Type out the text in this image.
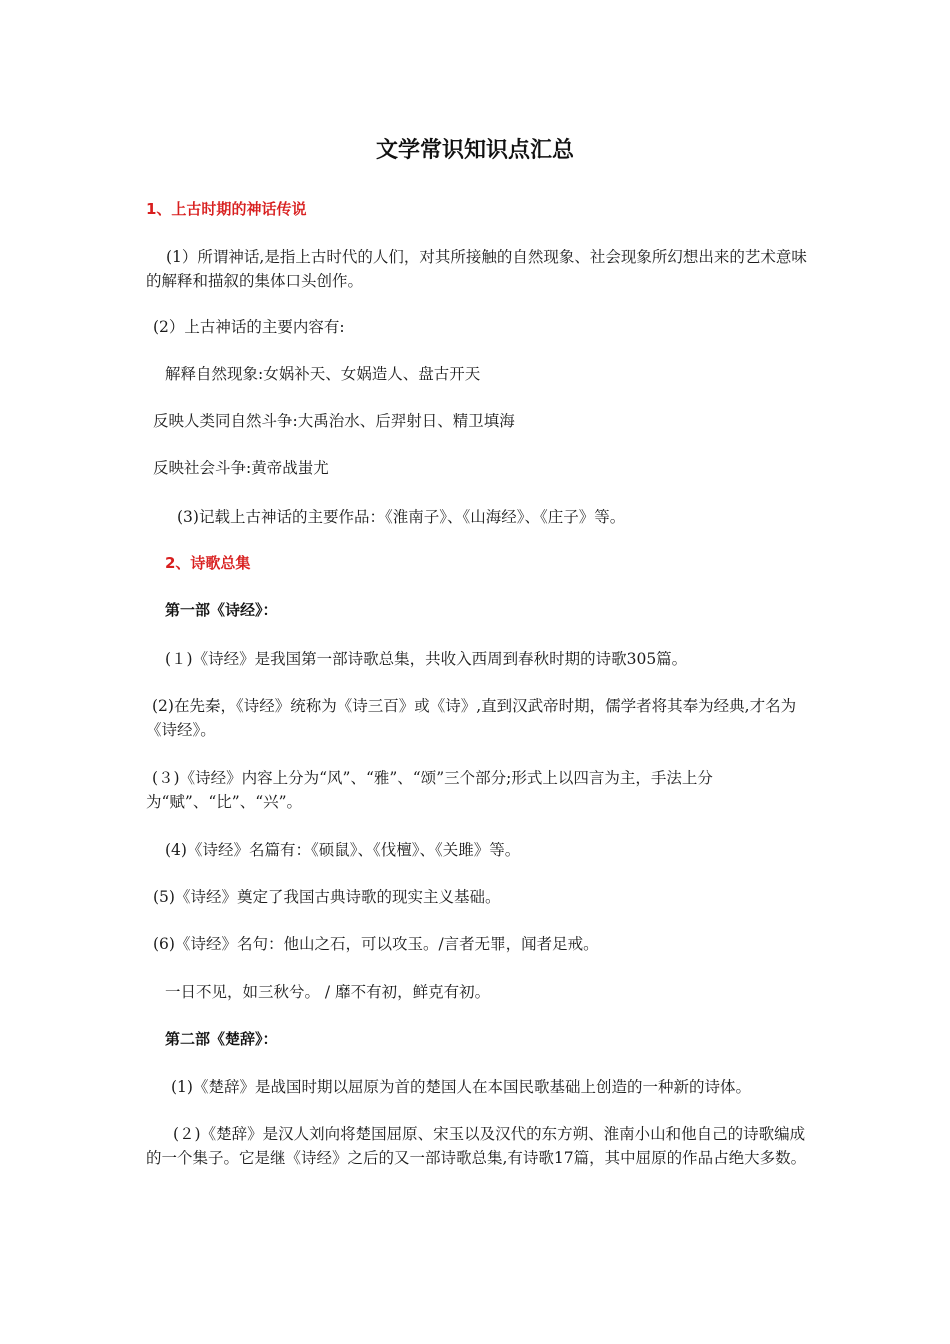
文学常识知识点汇总
1、上古时期的神话传说
(1）所谓神话,是指上古时代的人们，对其所接触的自然现象、社会现象所幻想出来的艺术意味的解释和描叙的集体口头创作。
(2）上古神话的主要内容有:
解释自然现象:女娲补天、女娲造人、盘古开天
反映人类同自然斗争:大禹治水、后羿射日、精卫填海
反映社会斗争:黄帝战蚩尤
(3)记载上古神话的主要作品：《淮南子》、《山海经》、《庄子》等。
2、诗歌总集
第一部《诗经》：
(１)《诗经》是我国第一部诗歌总集，共收入西周到春秋时期的诗歌305篇。
(2)在先秦，《诗经》统称为《诗三百》或《诗》,直到汉武帝时期，儒学者将其奉为经典,才名为《诗经》。
(３)《诗经》内容上分为“风”、“雅”、“颂”三个部分;形式上以四言为主，手法上分为“赋”、“比”、“兴”。
(4)《诗经》名篇有：《硕鼠》、《伐檀》、《关雎》等。
(5)《诗经》奠定了我国古典诗歌的现实主义基础。
(6)《诗经》名句：他山之石，可以攻玉。/言者无罪，闻者足戒。
一日不见，如三秋兮。 / 靡不有初，鲜克有初。
第二部《楚辞》：
(1)《楚辞》是战国时期以屈原为首的楚国人在本国民歌基础上创造的一种新的诗体。
(２)《楚辞》是汉人刘向将楚国屈原、宋玉以及汉代的东方朔、淮南小山和他自己的诗歌编成的一个集子。它是继《诗经》之后的又一部诗歌总集,有诗歌17篇，其中屈原的作品占绝大多数。
